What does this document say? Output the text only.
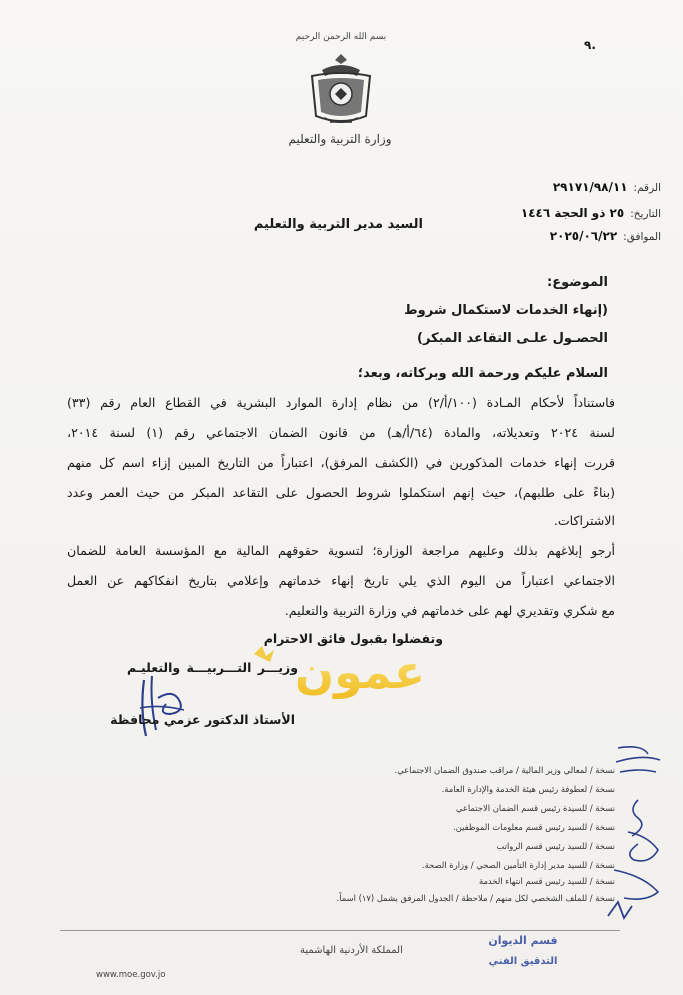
بسم الله الرحمن الرحيم
وزارة التربية والتعليم
٩.
الرقم:
٢٩١٧١/٩٨/١١
التاريخ:
٢٥ ذو الحجة ١٤٤٦
الموافق:
٢٠٢٥/٠٦/٢٢
السيد مدير التربية والتعليم
الموضوع:
(إنهاء الخدمات لاستكمال شروط
الحصـول علـى التقاعد المبكر)
السلام عليكم ورحمة الله وبركاته، وبعد؛
فاستناداً لأحكام المـادة (١٠٠/أ/٢) من نظام إدارة الموارد البشرية في القطاع العام رقم (٣٣)
لسنة ٢٠٢٤ وتعديلاته، والمادة (٦٤/أ/هـ) من قانون الضمان الاجتماعي رقم (١) لسنة ٢٠١٤،
قررت إنهاء خدمات المذكورين في (الكشف المرفق)، اعتباراً من التاريخ المبين إزاء اسم كل منهم
(بناءً على طلبهم)، حيث إنهم استكملوا شروط الحصول على التقاعد المبكر من حيث العمر وعدد
الاشتراكات.
أرجو إبلاغهم بذلك وعليهم مراجعة الوزارة؛ لتسوية حقوقهم المالية مع المؤسسة العامة للضمان
الاجتماعي اعتباراً من اليوم الذي يلي تاريخ إنهاء خدماتهم وإعلامي بتاريخ انفكاكهم عن العمل
مع شكري وتقديري لهم على خدماتهم في وزارة التربية والتعليم.
وتفضلوا بقبول فائق الاحترام
عمون
وزيـــر التـــربيـــة والتعليـم
الأستاذ الدكتور عزمي محافظة
نسخة / لمعالي وزير المالية / مراقب صندوق الضمان الاجتماعي.
نسخة / لعطوفة رئيس هيئة الخدمة والإدارة العامة.
نسخة / للسيدة رئيس قسم الضمان الاجتماعي
نسخة / للسيد رئيس قسم معلومات الموظفين.
نسخة / للسيد رئيس قسم الرواتب
نسخة / للسيد مدير إدارة التأمين الصحي / وزارة الصحة.
نسخة / للسيد رئيس قسم انتهاء الخدمة
نسخة / للملف الشخصي لكل منهم / ملاحظة / الجدول المرفق يشمل (١٧) اسماً.
المملكة الأردنية الهاشمية
www.moe.gov.jo
قسم الديوان
التدقيق الفني
